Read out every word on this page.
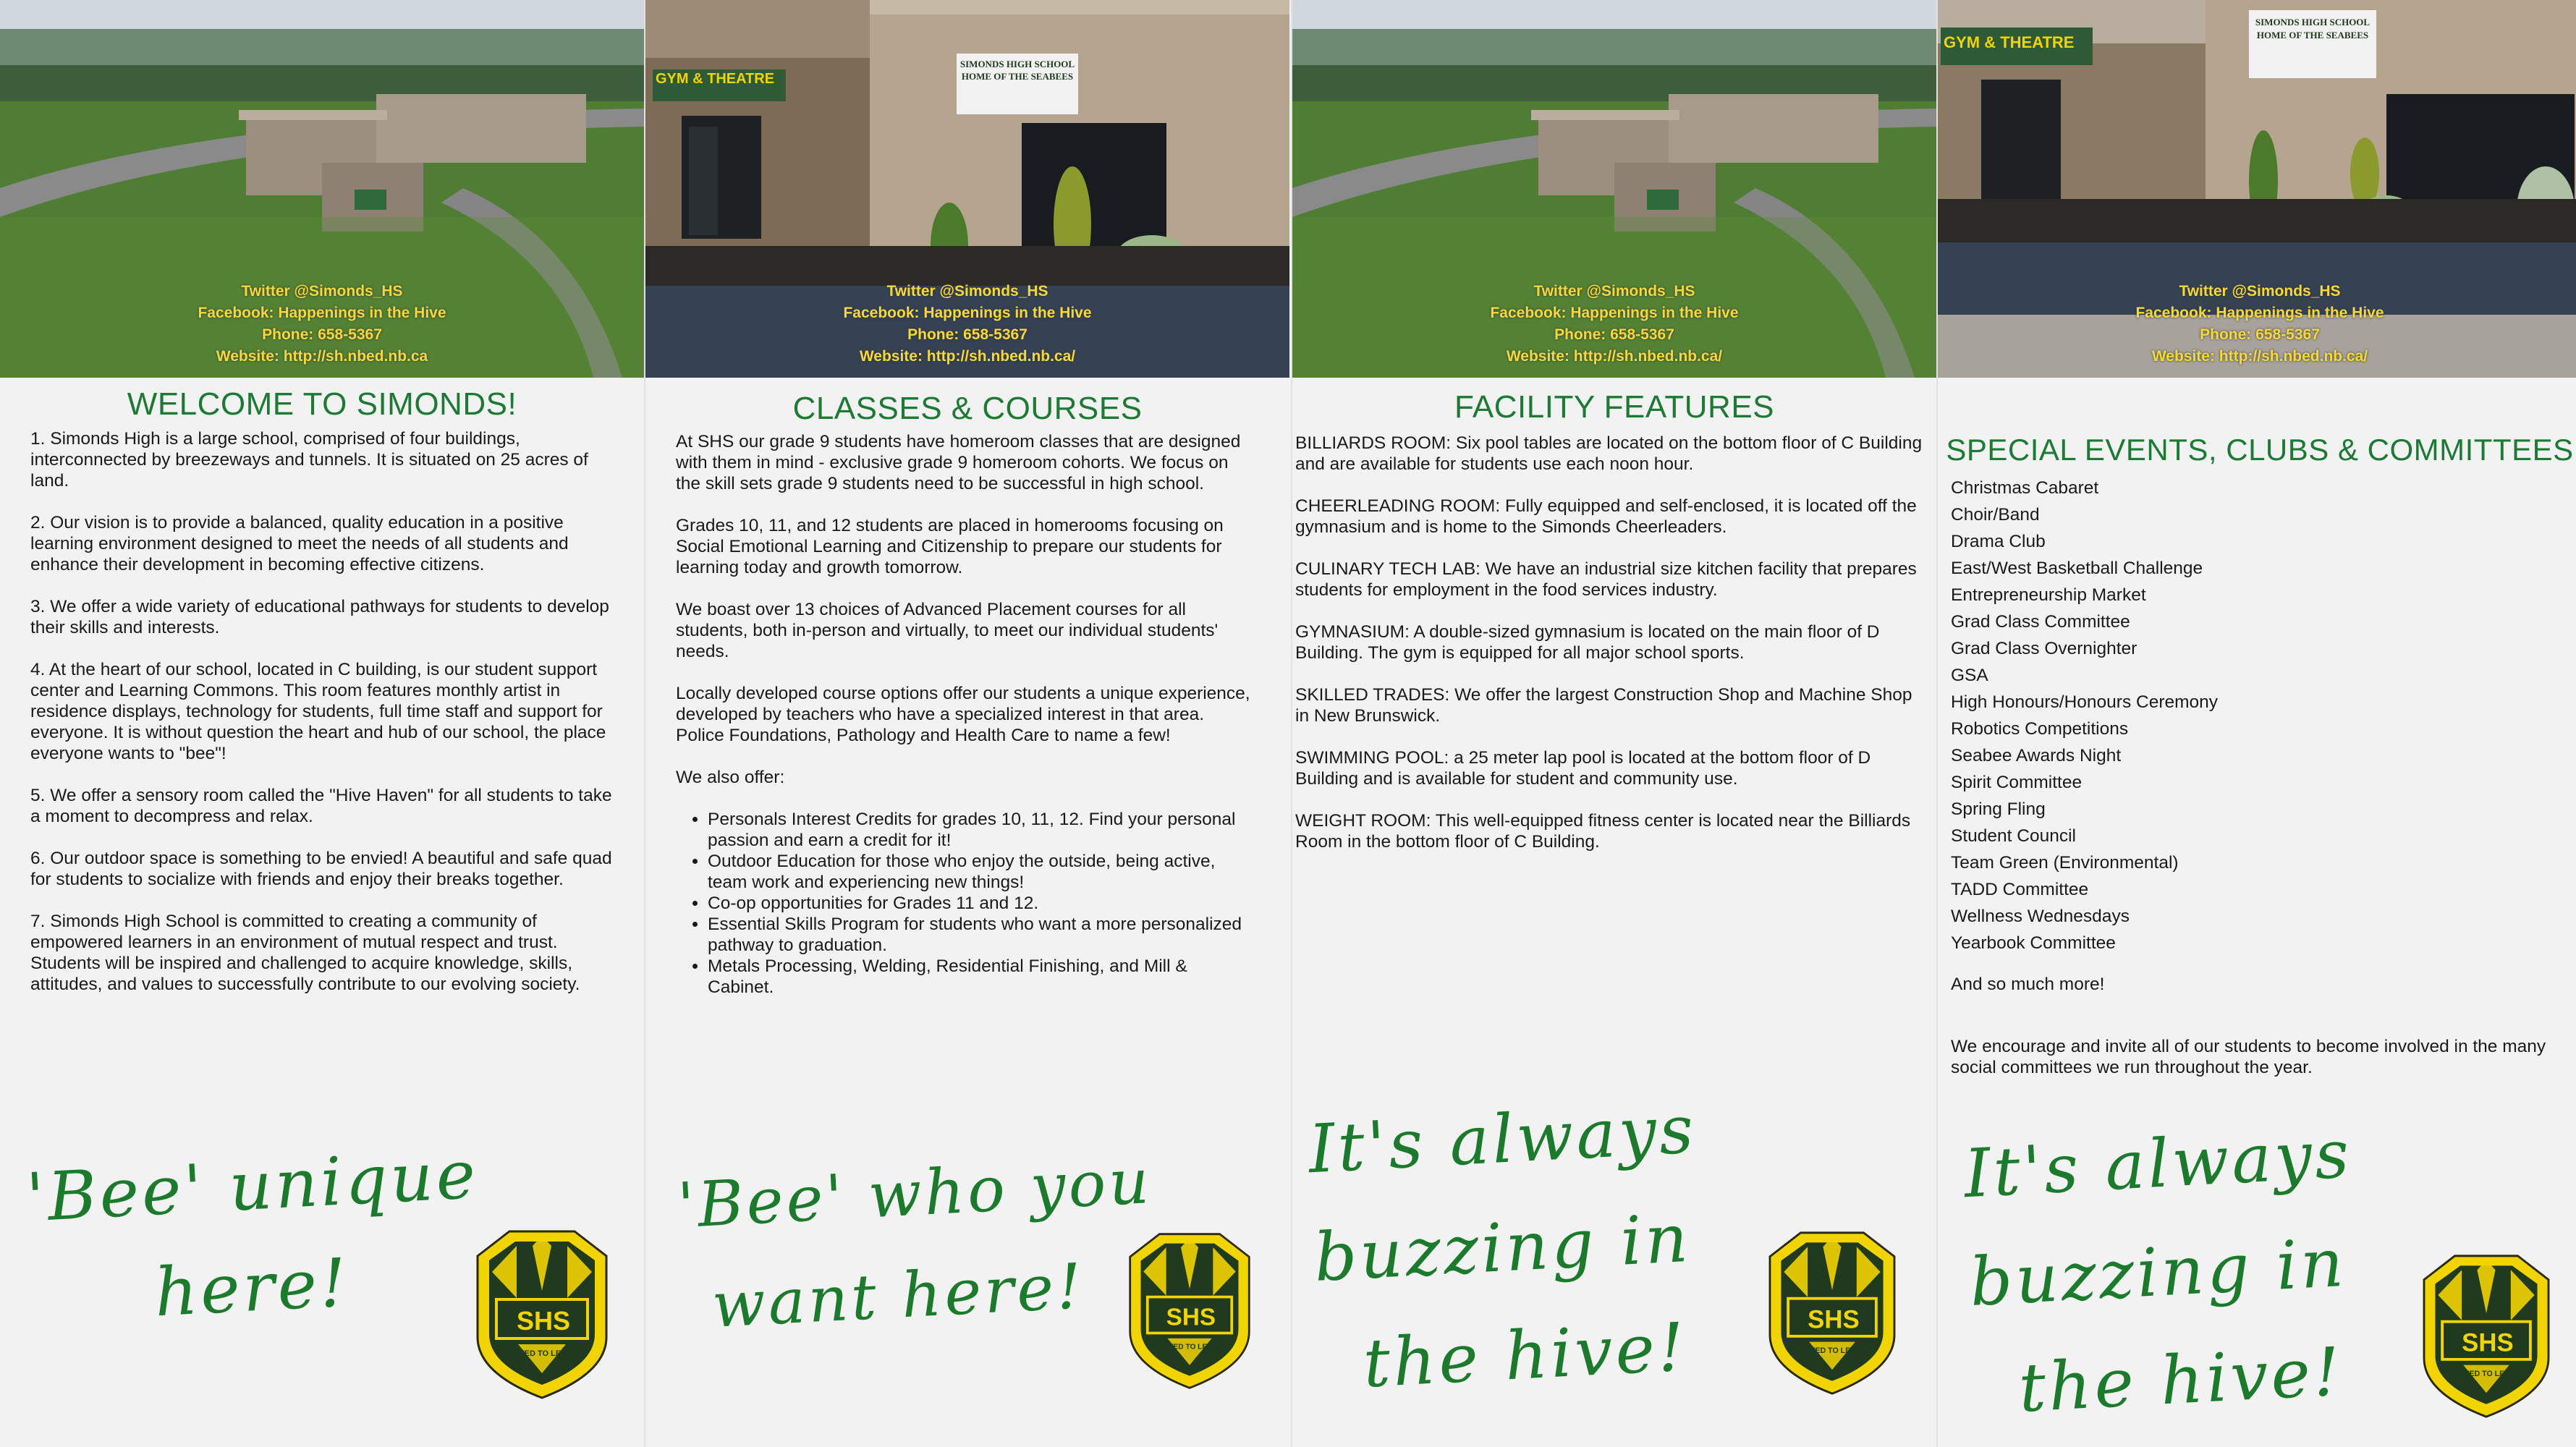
Twitter @Simonds_HS
Facebook: Happenings in the Hive
Phone: 658-5367
Website: http://sh.nbed.nb.ca
WELCOME TO SIMONDS!

1. Simonds High is a large school, comprised of four buildings, interconnected by breezeways and tunnels. It is situated on 25 acres of land.

2. Our vision is to provide a balanced, quality education in a positive learning environment designed to meet the needs of all students and enhance their development in becoming effective citizens.

3. We offer a wide variety of educational pathways for students to develop their skills and interests.

4. At the heart of our school, located in C building, is our student support center and Learning Commons. This room features monthly artist in residence displays, technology for students, full time staff and support for everyone. It is without question the heart and hub of our school, the place everyone wants to "bee"!

5. We offer a sensory room called the "Hive Haven" for all students to take a moment to decompress and relax.

6. Our outdoor space is something to be envied! A beautiful and safe quad for students to socialize with friends and enjoy their breaks together.

7. Simonds High School is committed to creating a community of empowered learners in an environment of mutual respect and trust. Students will be inspired and challenged to acquire knowledge, skills, attitudes, and values to successfully contribute to our evolving society.

'Bee' unique
here!	S H S
UNITED TO LEARN
GYM & THEATRE
SIMONDS HIGH SCHOOL
HOME OF THE SEABEES
Twitter @Simonds_HS
Facebook: Happenings in the Hive
Phone: 658-5367
Website: http://sh.nbed.nb.ca/
CLASSES & COURSES

At SHS our grade 9 students have homeroom classes that are designed with them in mind - exclusive grade 9 homeroom cohorts. We focus on the skill sets grade 9 students need to be successful in high school.

Grades 10, 11, and 12 students are placed in homerooms focusing on Social Emotional Learning and Citizenship to prepare our students for learning today and growth tomorrow.

We boast over 13 choices of Advanced Placement courses for all students, both in-person and virtually, to meet our individual students' needs.

Locally developed course options offer our students a unique experience, developed by teachers who have a specialized interest in that area. Police Foundations, Pathology and Health Care to name a few!

We also offer:

• Personals Interest Credits for grades 10, 11, 12. Find your personal passion and earn a credit for it!
• Outdoor Education for those who enjoy the outside, being active, team work and experiencing new things!
• Co-op opportunities for Grades 11 and 12.
• Essential Skills Program for students who want a more personalized pathway to graduation.
• Metals Processing, Welding, Residential Finishing, and Mill & Cabinet.
'Bee' who you
want here!	S H S
UNITED TO LEARN
Twitter @Simonds_HS
Facebook: Happenings in the Hive
Phone: 658-5367
Website: http://sh.nbed.nb.ca/
FACILITY FEATURES

BILLIARDS ROOM: Six pool tables are located on the bottom floor of C Building and are available for students use each noon hour.

CHEERLEADING ROOM: Fully equipped and self-enclosed, it is located off the gymnasium and is home to the Simonds Cheerleaders.

CULINARY TECH LAB: We have an industrial size kitchen facility that prepares students for employment in the food services industry.

GYMNASIUM: A double-sized gymnasium is located on the main floor of D Building. The gym is equipped for all major school sports.

SKILLED TRADES: We offer the largest Construction Shop and Machine Shop in New Brunswick.

SWIMMING POOL: a 25 meter lap pool is located at the bottom floor of D Building and is available for student and community use.

WEIGHT ROOM: This well-equipped fitness center is located near the Billiards Room in the bottom floor of C Building.

It's always
buzzing in
the hive!	S H S
UNITED TO LEARN
GYM & THEATRE
SIMONDS HIGH SCHOOL
HOME OF THE SEABEES
Twitter @Simonds_HS
Facebook: Happenings in the Hive
Phone: 658-5367
Website: http://sh.nbed.nb.ca/
SPECIAL EVENTS, CLUBS & COMMITTEES

Christmas Cabaret

Choir/Band

Drama Club

East/West Basketball Challenge

Entrepreneurship Market

Grad Class Committee

Grad Class Overnighter

GSA

High Honours/Honours Ceremony

Robotics Competitions

Seabee Awards Night

Spirit Committee

Spring Fling

Student Council

Team Green (Environmental)

TADD Committee

Wellness Wednesdays

Yearbook Committee

And so much more!
We encourage and invite all of our students to become involved in the many social committees we run throughout the year.
It's always
buzzing in
the hive!	S H S
UNITED TO LEARN
